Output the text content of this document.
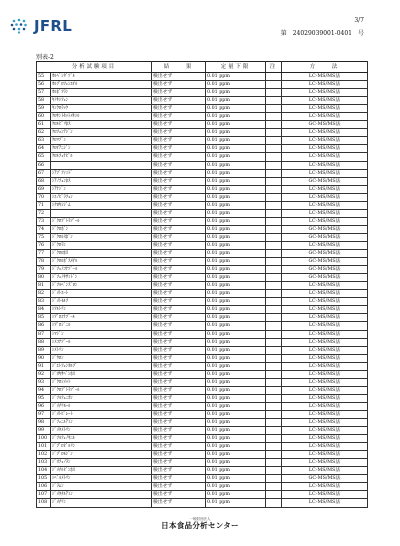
JFRL	3/7
第　24029039001-0401　号
別表-2
分析試験項目		結　　果	定量下限	注	方　　法
55	ｶﾙﾍﾞﾝﾀﾞｿﾞﾙ	検出せず	0.01 ppm		LC-MS/MS法
56	ｶﾙﾌﾞﾛﾌｪﾝｴﾁﾙ	検出せず	0.01 ppm		LC-MS/MS法
57	ｶﾙﾎﾞﾌﾗﾝ	検出せず	0.01 ppm		LC-MS/MS法
58	ｷﾉｷｼﾌｪﾝ	検出せず	0.01 ppm		LC-MS/MS法
59	ｷﾝｸﾛﾗｯｸ	検出せず	0.01 ppm		LC-MS/MS法
60	ｸﾛｷﾝﾄｾｯﾄﾒｷｼﾙ	検出せず	0.01 ppm		LC-MS/MS法
61	ｸﾛﾙﾋﾟﾘﾎｽ	検出せず	0.01 ppm		GC-MS/MS法
62	ｸﾛﾌｪﾝﾃｼﾞﾝ	検出せず	0.01 ppm		LC-MS/MS法
63	ｸﾛﾏｿﾞﾝ	検出せず	0.01 ppm		LC-MS/MS法
64	ｸﾛﾁｱﾆｼﾞﾝ	検出せず	0.01 ppm		LC-MS/MS法
65	ｸﾛﾙﾌｪﾅﾋﾟﾙ	検出せず	0.01 ppm		LC-MS/MS法
66		検出せず	0.01 ppm		LC-MS/MS法
67	ｼｱｿﾞﾌｧﾐﾄﾞ	検出せず	0.01 ppm		LC-MS/MS法
68	ｼｱﾉﾌｪﾝﾎｽ	検出せず	0.01 ppm		GC-MS/MS法
69	ｼｱﾅｼﾞﾝ	検出せず	0.01 ppm		LC-MS/MS法
70	ｼｴﾉﾋﾟﾗﾌｪﾝ	検出せず	0.01 ppm		LC-MS/MS法
71	ｼｸﾛｷｼｼﾞﾑ	検出せず	0.01 ppm		LC-MS/MS法
72		検出せず	0.01 ppm		LC-MS/MS法
73	ｼﾞｸﾛﾌﾞﾄﾗｿﾞｰﾙ	検出せず	0.01 ppm		LC-MS/MS法
74	ｼﾞｸﾛﾎﾞﾝ	検出せず	0.01 ppm		GC-MS/MS法
75	ｼﾞｸﾛﾙｽﾎﾞﾝ	検出せず	0.01 ppm		GC-MS/MS法
76	ｼﾞｸﾛﾗﾝ	検出せず	0.01 ppm		LC-MS/MS法
77	ｼﾞｸﾛﾛﾎｽ	検出せず	0.01 ppm		GC-MS/MS法
78	ｼﾞｸﾛﾙﾎﾟｽﾒﾁﾙ	検出せず	0.01 ppm		GC-MS/MS法
79	ｼﾞﾌｪﾉｺﾅｿﾞｰﾙ	検出せず	0.01 ppm		GC-MS/MS法
80	ｼﾞﾌｪﾉｷｻﾐﾄﾞﾝ	検出せず	0.01 ppm		GC-MS/MS法
81	ｼﾞﾌﾙﾍﾞﾝｽﾞﾛﾝ	検出せず	0.01 ppm		LC-MS/MS法
82	ｼﾞﾒﾄｴｰﾄ	検出せず	0.01 ppm		LC-MS/MS法
83	ｼﾞﾒﾄﾓﾙﾌ	検出せず	0.01 ppm		LC-MS/MS法
84	ｼﾌﾙﾄﾘﾝ	検出せず	0.01 ppm		LC-MS/MS法
85	ｼﾌﾟﾛｺﾅｿﾞｰﾙ	検出せず	0.01 ppm		LC-MS/MS法
86	ｼﾌﾟﾛｼﾞﾆﾙ	検出せず	0.01 ppm		LC-MS/MS法
87	ｼﾏｼﾞﾝ	検出せず	0.01 ppm		LC-MS/MS法
88	ｼﾒｺﾅｿﾞｰﾙ	検出せず	0.01 ppm		LC-MS/MS法
89	ｼﾒﾄﾘﾝ	検出せず	0.01 ppm		LC-MS/MS法
90	ｼﾞｳﾛﾝ	検出せず	0.01 ppm		LC-MS/MS法
91	ｼﾞｴﾄﾌｪﾝｶﾙﾌﾞ	検出せず	0.01 ppm		LC-MS/MS法
92	ｼﾞｵｷｻﾍﾞﾝﾎｽ	検出せず	0.01 ppm		LC-MS/MS法
93	ｼﾞｸﾛｼﾒｯﾄ	検出せず	0.01 ppm		LC-MS/MS法
94	ｼﾞｸﾛﾌﾞﾄﾗｿﾞｰﾙ	検出せず	0.01 ppm		LC-MS/MS法
95	ｼﾞﾌﾙﾌｪﾆｶﾝ	検出せず	0.01 ppm		LC-MS/MS法
96	ｼﾞﾒﾁﾘﾓｰﾙ	検出せず	0.01 ppm		LC-MS/MS法
97	ｼﾞﾒﾄﾋﾟﾚｰﾄ	検出せず	0.01 ppm		LC-MS/MS法
98	ｼﾞﾌｪﾆﾙｱﾐﾝ	検出せず	0.01 ppm		LC-MS/MS法
99	ｼﾞﾒﾀﾒﾄﾘﾝ	検出せず	0.01 ppm		LC-MS/MS法
100	ｼﾞﾌﾙﾌｪﾉｷﾆﾙ	検出せず	0.01 ppm		LC-MS/MS法
101	ｼﾞﾌﾟﾛﾋﾟﾙﾘﾝ	検出せず	0.01 ppm		LC-MS/MS法
102	ｼﾞﾌﾞﾛﾓｼﾞﾝ	検出せず	0.01 ppm		LC-MS/MS法
103	ｼﾞｵﾌｪﾉﾗﾝ	検出せず	0.01 ppm		LC-MS/MS法
104	ｼﾞﾒﾁﾙﾋﾞﾝﾎｽ	検出せず	0.01 ppm		LC-MS/MS法
105	ｼﾍﾟﾙﾒﾄﾘﾝ	検出せず	0.01 ppm		GC-MS/MS法
106	ｼﾞﾗﾑﾝ	検出せず	0.01 ppm		LC-MS/MS法
107	ｼﾞﾒﾀﾁﾙｱﾐﾝ	検出せず	0.01 ppm		LC-MS/MS法
108	ｼﾞﾒﾁﾘﾝ	検出せず	0.01 ppm		LC-MS/MS法
一般財団法人
日本食品分析センター
